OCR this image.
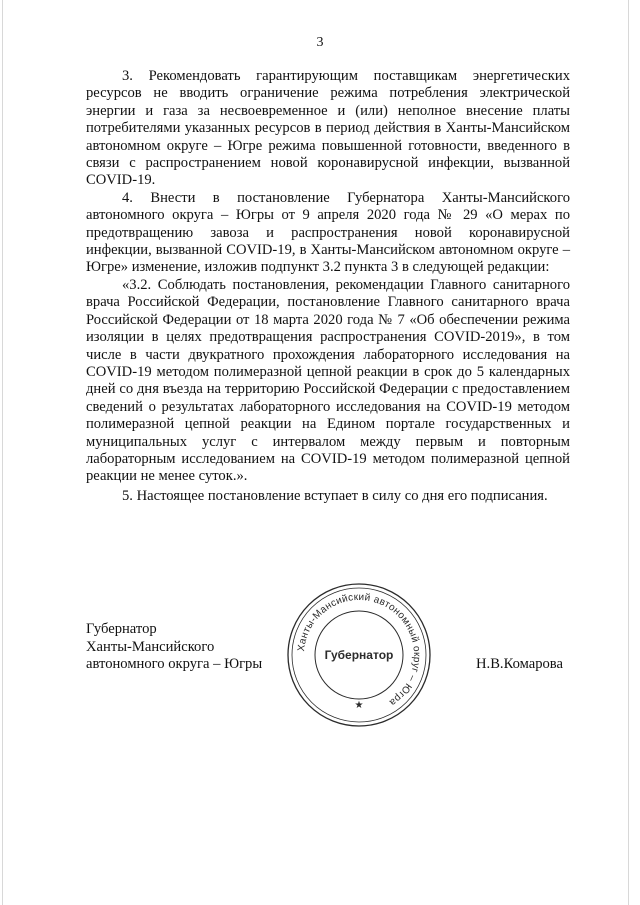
3

3. Рекомендовать гарантирующим поставщикам энергетических ресурсов не вводить ограничение режима потребления электрической энергии и газа за несвоевременное и (или) неполное внесение платы потребителями указанных ресурсов в период действия в Ханты-Мансийском автономном округе – Югре режима повышенной готовности, введенного в связи с распространением новой коронавирусной инфекции, вызванной COVID-19.

4. Внести в постановление Губернатора Ханты-Мансийского автономного округа – Югры от 9 апреля 2020 года № 29 «О мерах по предотвращению завоза и распространения новой коронавирусной инфекции, вызванной COVID-19, в Ханты-Мансийском автономном округе – Югре» изменение, изложив подпункт 3.2 пункта 3 в следующей редакции:

«3.2. Соблюдать постановления, рекомендации Главного санитарного врача Российской Федерации, постановление Главного санитарного врача Российской Федерации от 18 марта 2020 года № 7 «Об обеспечении режима изоляции в целях предотвращения распространения COVID-2019», в том числе в части двукратного прохождения лабораторного исследования на COVID-19 методом полимеразной цепной реакции в срок до 5 календарных дней со дня въезда на территорию Российской Федерации с предоставлением сведений о результатах лабораторного исследования на COVID-19 методом полимеразной цепной реакции на Едином портале государственных и муниципальных услуг с интервалом между первым и повторным лабораторным исследованием на COVID-19 методом полимеразной цепной реакции не менее суток.».

5. Настоящее постановление вступает в силу со дня его подписания.

Губернатор
Ханты-Мансийского
автономного округа – Югры
Ханты-Мансийский автономный округ – Югра
Губернатор
★
Н.В.Комарова
